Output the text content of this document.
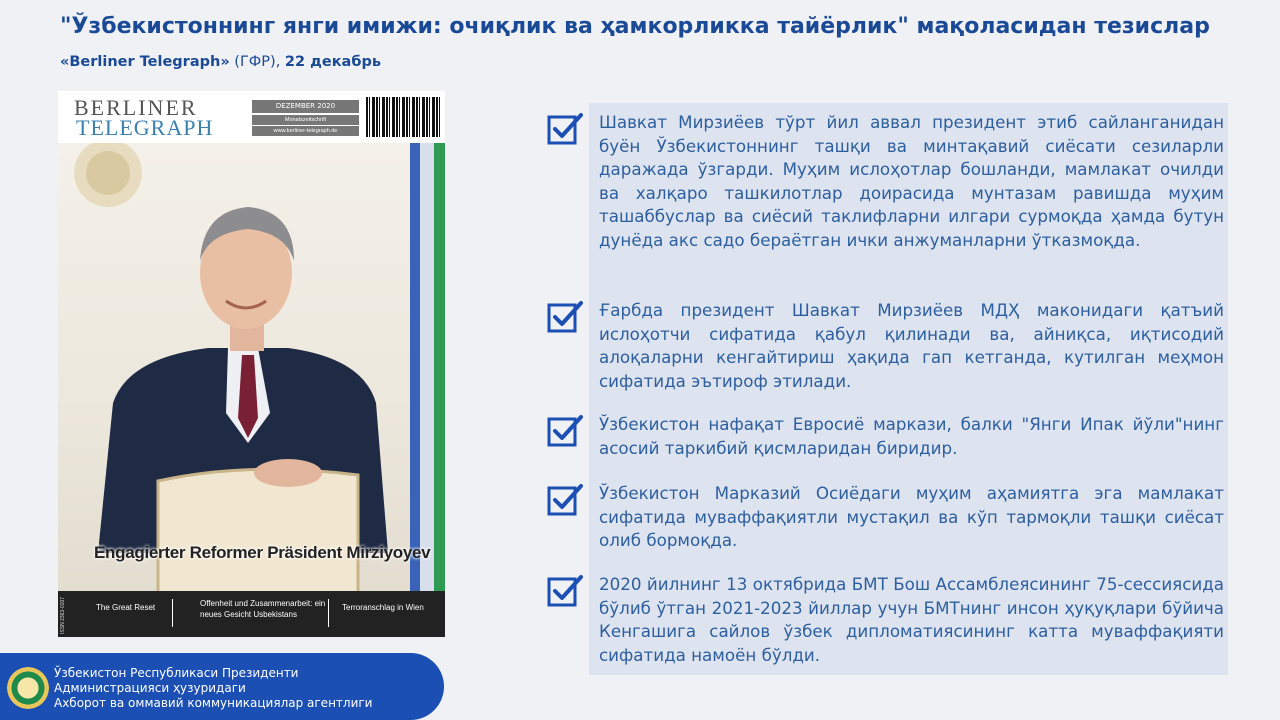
"Ўзбекистоннинг янги имижи: очиқлик ва ҳамкорликка тайёрлик" мақоласидан тезислар
«Berliner Telegraph» (ГФР), 22 декабрь
BERLINER
TELEGRAPH
DEZEMBER 2020
Monatszeitschrift
www.berliner-telegraph.de
Engagierter Reformer Präsident Mirziyoyev
ISSN 2363-0197	The Great Reset	Offenheit und Zusammenarbeit: ein neues Gesicht Usbekistans
Terroranschlag in Wien
Шавкат Мирзиёев тўрт йил аввал президент этиб сайланганидан буён Ўзбекистоннинг ташқи ва минтақавий сиёсати сезиларли даражада ўзгарди. Муҳим ислоҳотлар бошланди, мамлакат очилди ва халқаро ташкилотлар доирасида мунтазам равишда муҳим ташаббуслар ва сиёсий таклифларни илгари сурмоқда ҳамда бутун дунёда акс садо бераётган ички анжуманларни ўтказмоқда.
Ғарбда президент Шавкат Мирзиёев МДҲ маконидаги қатъий ислоҳотчи сифатида қабул қилинади ва, айниқса, иқтисодий алоқаларни кенгайтириш ҳақида гап кетганда, кутилган меҳмон сифатида эътироф этилади.
Ўзбекистон нафақат Евросиё маркази, балки "Янги Ипак йўли"нинг асосий таркибий қисмларидан биридир.
Ўзбекистон Марказий Осиёдаги муҳим аҳамиятга эга мамлакат сифатида муваффақиятли мустақил ва кўп тармоқли ташқи сиёсат олиб бормоқда.
2020 йилнинг 13 октябрида БМТ Бош Ассамблеясининг 75-сессиясида бўлиб ўтган 2021-2023 йиллар учун БМТнинг инсон ҳуқуқлари бўйича Кенгашига сайлов ўзбек дипломатиясининг катта муваффақияти сифатида намоён бўлди.
Ўзбекистон Республикаси Президенти
Администрацияси ҳузуридаги
Ахборот ва оммавий коммуникациялар агентлиги
